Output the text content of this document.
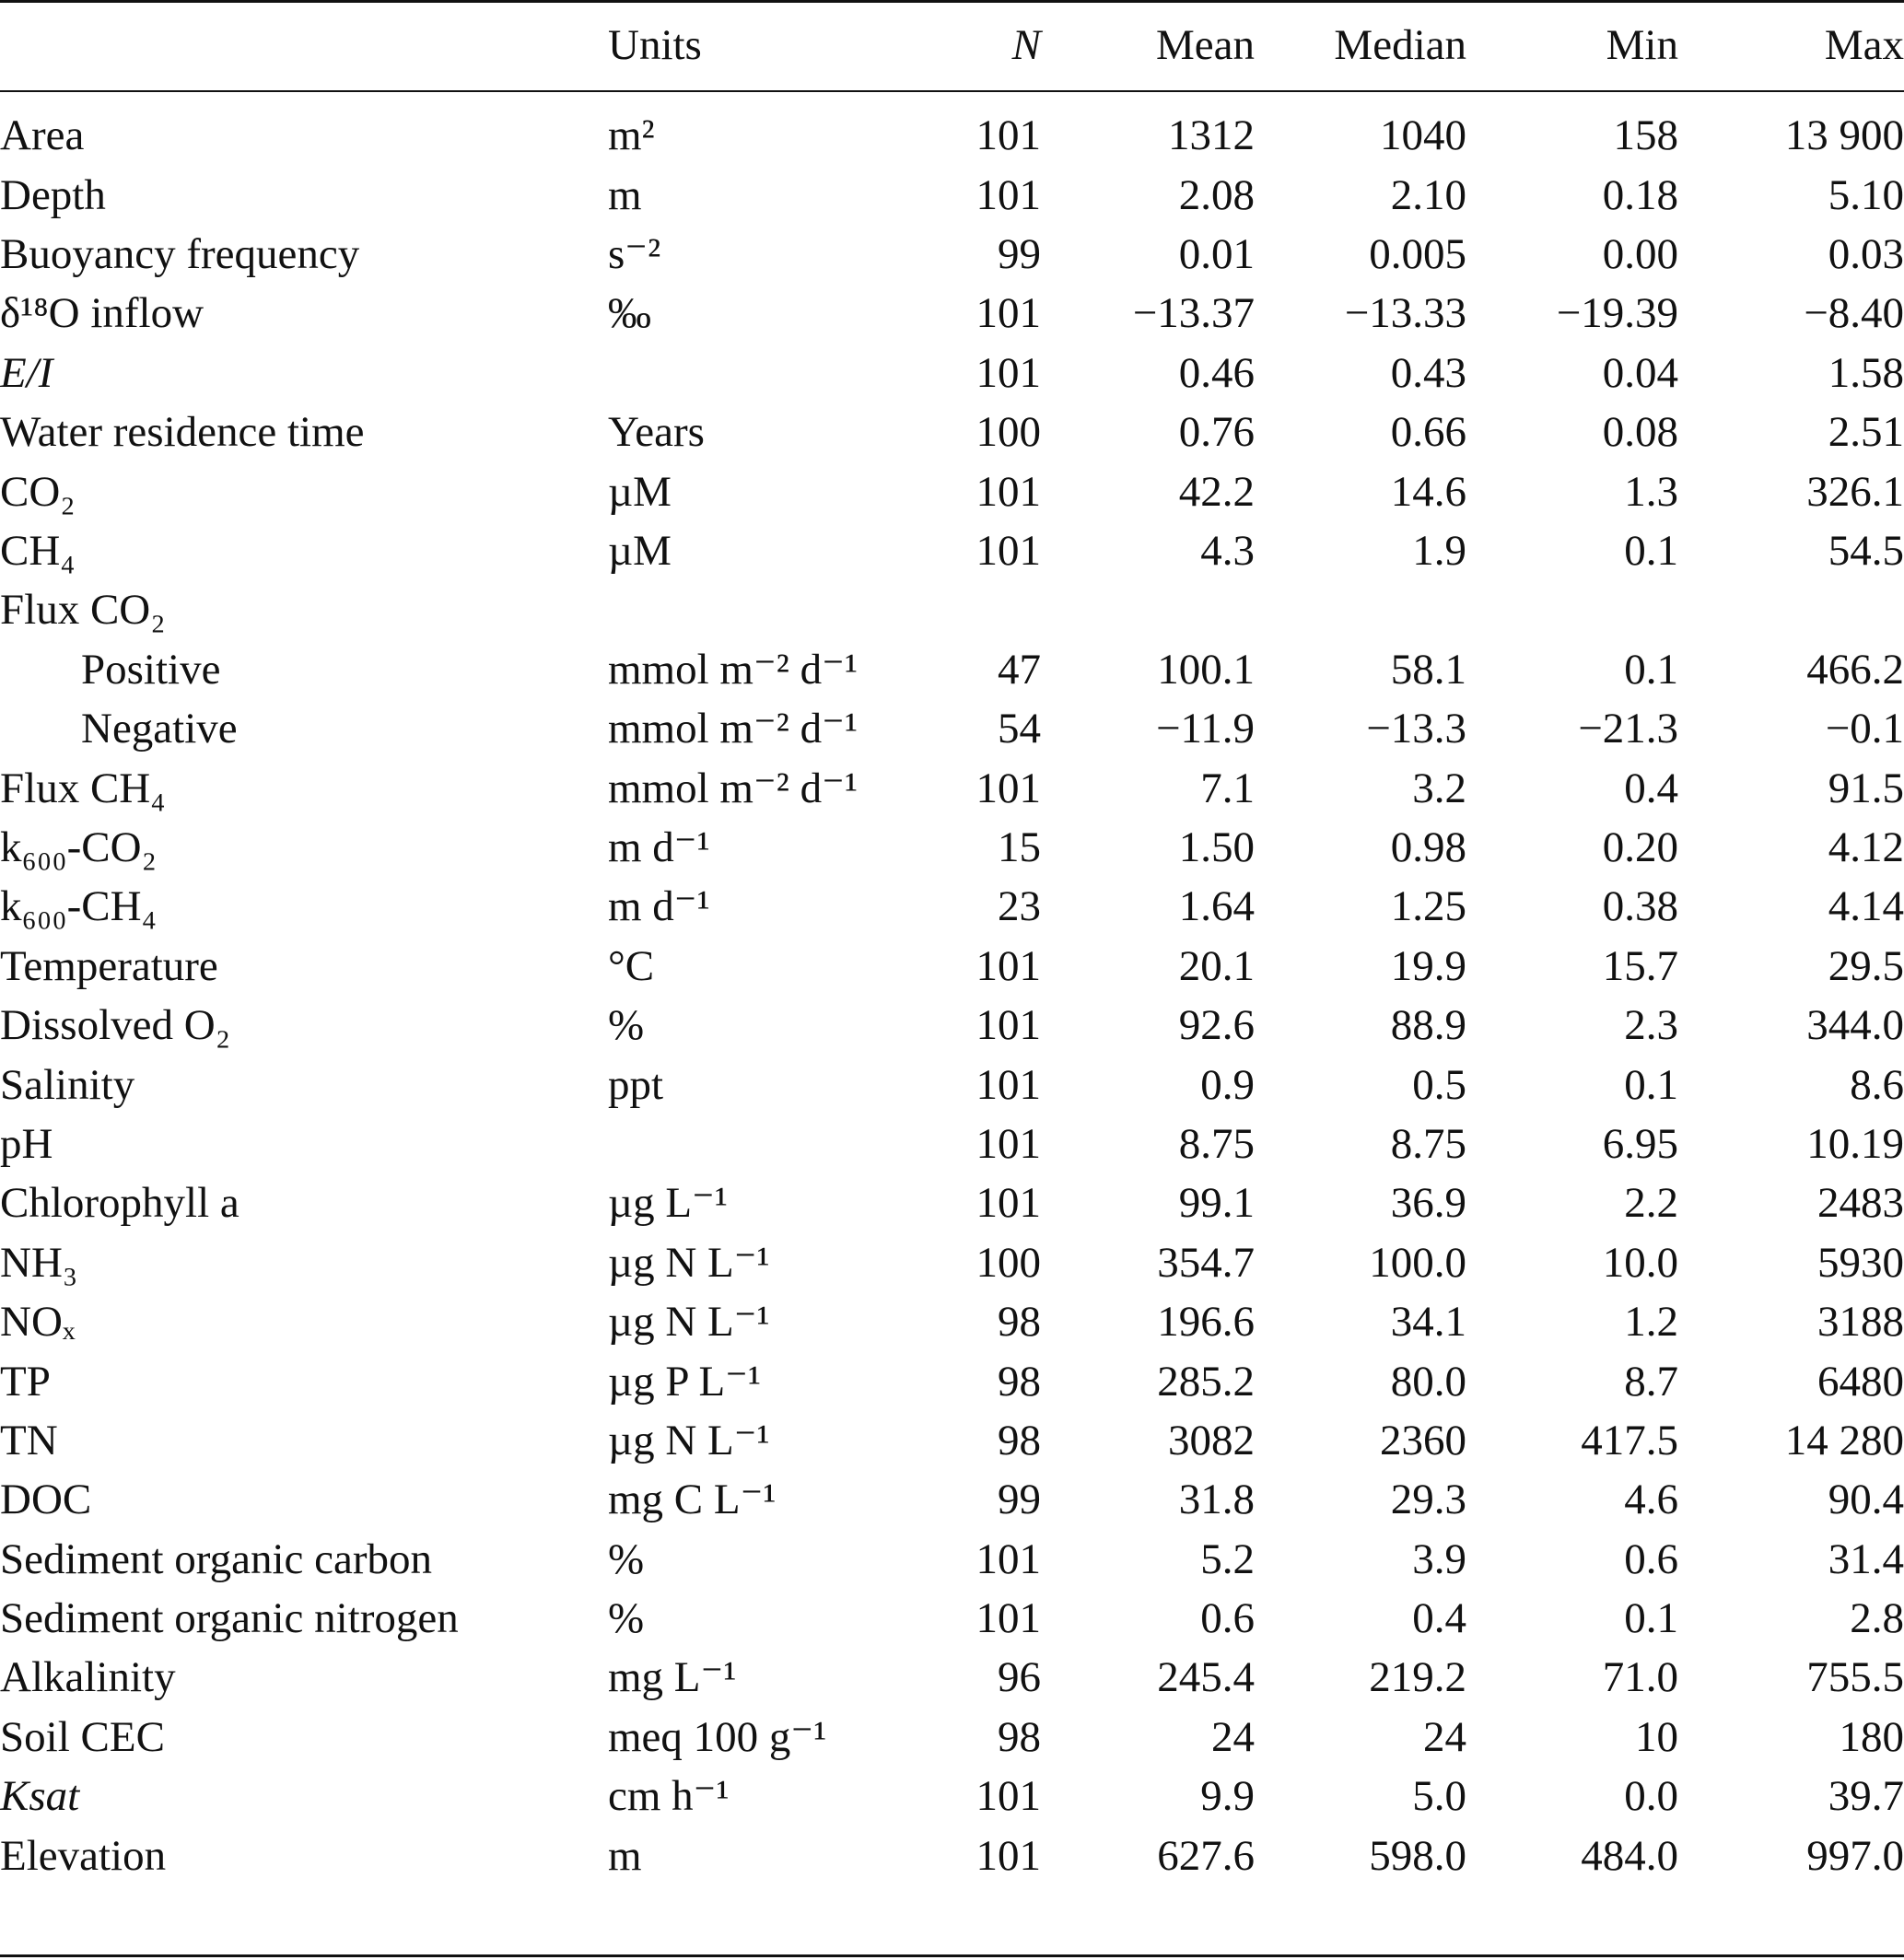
	Units	N	Mean	Median	Min	Max
Area	m²	101	1312	1040	158	13 900
Depth	m	101	2.08	2.10	0.18	5.10
Buoyancy frequency	s⁻²	99	0.01	0.005	0.00	0.03
δ¹⁸O inflow	‰	101	−13.37	−13.33	−19.39	−8.40
E/I		101	0.46	0.43	0.04	1.58
Water residence time	Years	100	0.76	0.66	0.08	2.51
CO₂	µM	101	42.2	14.6	1.3	326.1
CH₄	µM	101	4.3	1.9	0.1	54.5
Flux CO₂						
Positive	mmol m⁻² d⁻¹	47	100.1	58.1	0.1	466.2
Negative	mmol m⁻² d⁻¹	54	−11.9	−13.3	−21.3	−0.1
Flux CH₄	mmol m⁻² d⁻¹	101	7.1	3.2	0.4	91.5
k₆₀₀-CO₂	m d⁻¹	15	1.50	0.98	0.20	4.12
k₆₀₀-CH₄	m d⁻¹	23	1.64	1.25	0.38	4.14
Temperature	°C	101	20.1	19.9	15.7	29.5
Dissolved O₂	%	101	92.6	88.9	2.3	344.0
Salinity	ppt	101	0.9	0.5	0.1	8.6
pH		101	8.75	8.75	6.95	10.19
Chlorophyll a	µg L⁻¹	101	99.1	36.9	2.2	2483
NH₃	µg N L⁻¹	100	354.7	100.0	10.0	5930
NOₓ	µg N L⁻¹	98	196.6	34.1	1.2	3188
TP	µg P L⁻¹	98	285.2	80.0	8.7	6480
TN	µg N L⁻¹	98	3082	2360	417.5	14 280
DOC	mg C L⁻¹	99	31.8	29.3	4.6	90.4
Sediment organic carbon	%	101	5.2	3.9	0.6	31.4
Sediment organic nitrogen	%	101	0.6	0.4	0.1	2.8
Alkalinity	mg L⁻¹	96	245.4	219.2	71.0	755.5
Soil CEC	meq 100 g⁻¹	98	24	24	10	180
Ksat	cm h⁻¹	101	9.9	5.0	0.0	39.7
Elevation	m	101	627.6	598.0	484.0	997.0
